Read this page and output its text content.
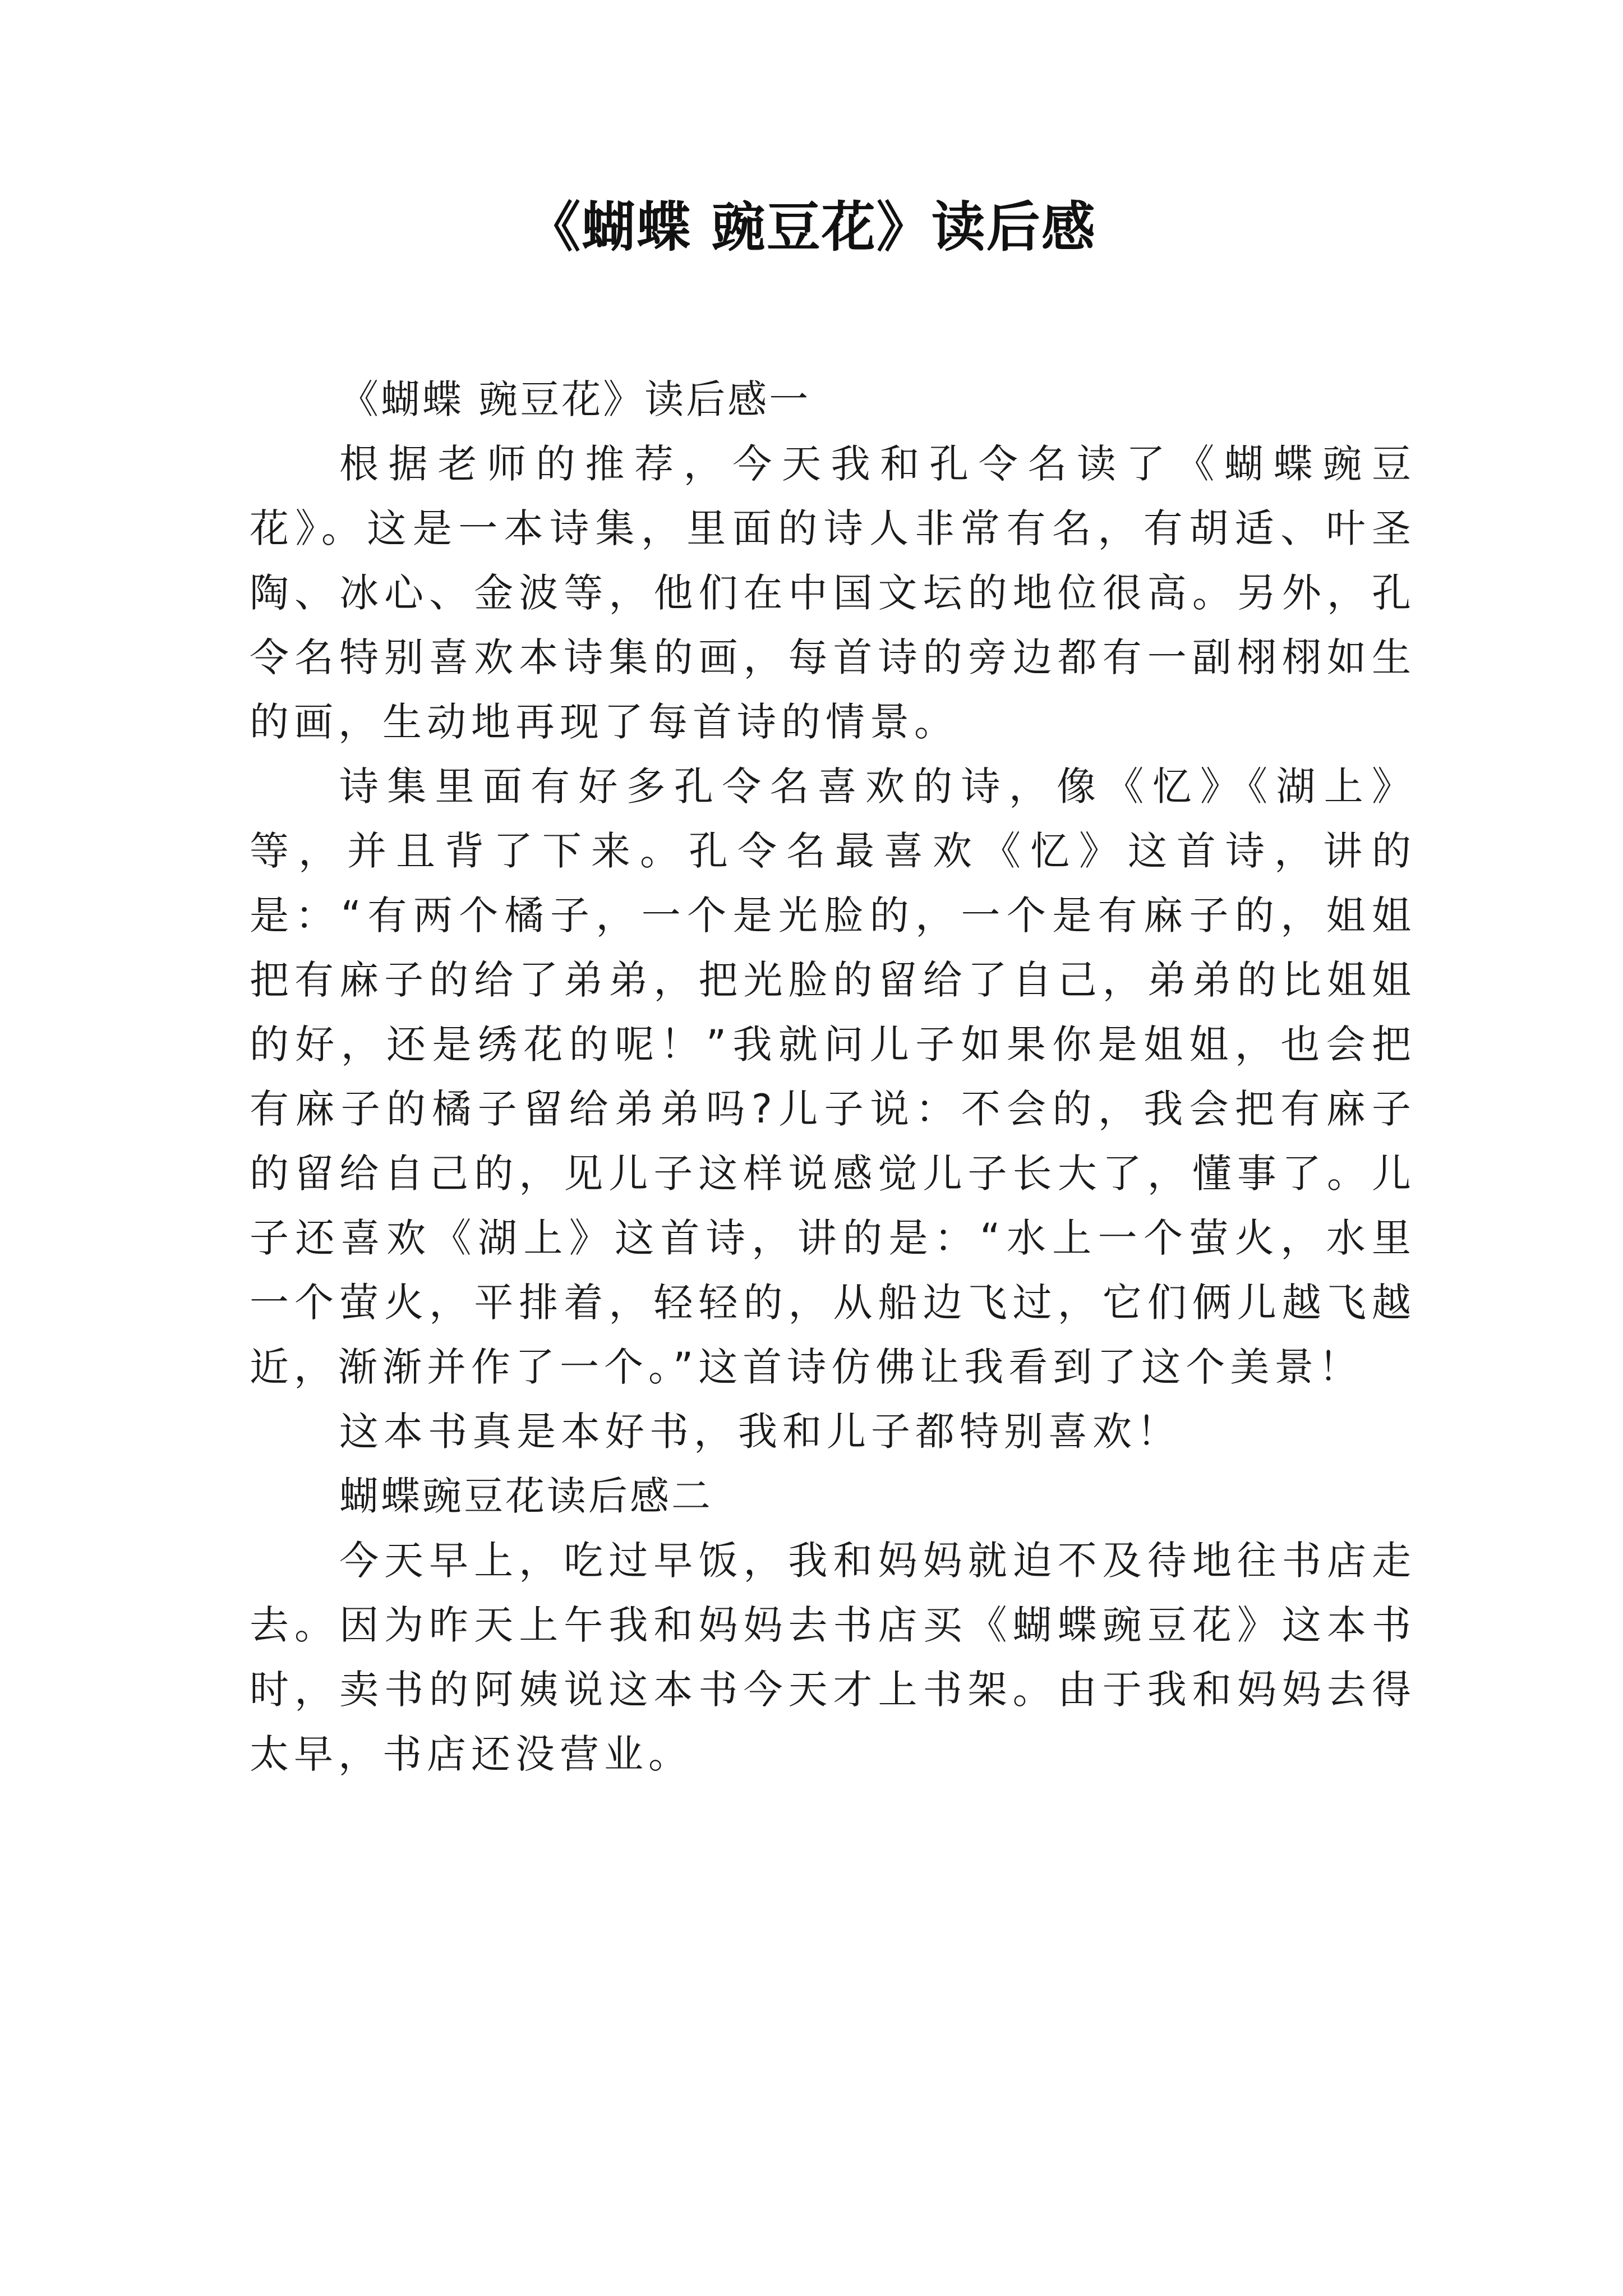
《蝴蝶 豌豆花》读后感

《蝴蝶 豌豆花》读后感一

根据老师的推荐，今天我和孔令名读了《蝴蝶豌豆花》。这是一本诗集，里面的诗人非常有名，有胡适、叶圣陶、冰心、金波等，他们在中国文坛的地位很高。另外，孔令名特别喜欢本诗集的画，每首诗的旁边都有一副栩栩如生的画，生动地再现了每首诗的情景。

诗集里面有好多孔令名喜欢的诗，像《忆》《湖上》等，并且背了下来。孔令名最喜欢《忆》这首诗，讲的是：“有两个橘子，一个是光脸的，一个是有麻子的，姐姐把有麻子的给了弟弟，把光脸的留给了自己，弟弟的比姐姐的好，还是绣花的呢！”我就问儿子如果你是姐姐，也会把有麻子的橘子留给弟弟吗?儿子说：不会的，我会把有麻子的留给自己的，见儿子这样说感觉儿子长大了，懂事了。儿子还喜欢《湖上》这首诗，讲的是：“水上一个萤火，水里一个萤火，平排着，轻轻的，从船边飞过，它们俩儿越飞越近，渐渐并作了一个。”这首诗仿佛让我看到了这个美景！

这本书真是本好书，我和儿子都特别喜欢！

蝴蝶豌豆花读后感二

今天早上，吃过早饭，我和妈妈就迫不及待地往书店走去。因为昨天上午我和妈妈去书店买《蝴蝶豌豆花》这本书时，卖书的阿姨说这本书今天才上书架。由于我和妈妈去得太早，书店还没营业。
